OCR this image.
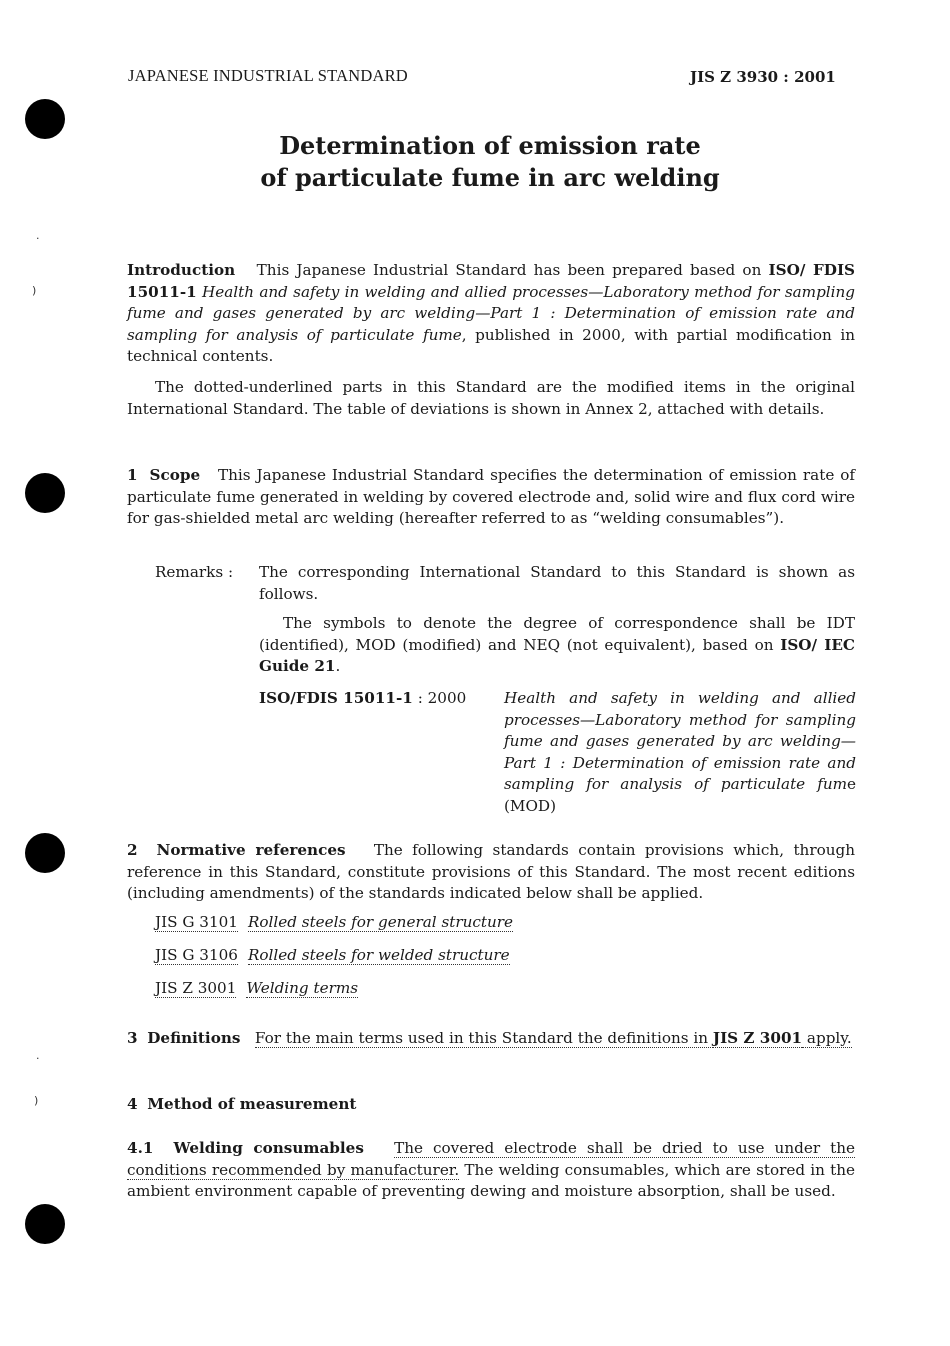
·
)
·
)
JAPANESE INDUSTRIAL STANDARD	JIS Z 3930 : 2001
Determination of emission rate
of particulate fume in arc welding
Introduction This Japanese Industrial Standard has been prepared based on ISO/ FDIS 15011-1 Health and safety in welding and allied processes—Laboratory method for sampling fume and gases generated by arc welding—Part 1 : Determination of emission rate and sampling for analysis of particulate fume, published in 2000, with partial modification in technical contents.
The dotted-underlined parts in this Standard are the modified items in the original International Standard. The table of deviations is shown in Annex 2, attached with details.
1 Scope This Japanese Industrial Standard specifies the determination of emission rate of particulate fume generated in welding by covered electrode and, solid wire and flux cord wire for gas-shielded metal arc welding (hereafter referred to as “welding consumables”).
Remarks : The corresponding International Standard to this Standard is shown as follows.
The symbols to denote the degree of correspondence shall be IDT (identified), MOD (modified) and NEQ (not equivalent), based on ISO/ IEC Guide 21.
ISO/FDIS 15011-1 : 2000 Health and safety in welding and allied processes—Laboratory method for sampling fume and gases generated by arc welding—Part 1 : Determination of emission rate and sampling for analysis of particulate fume (MOD)
2 Normative references The following standards contain provisions which, through reference in this Standard, constitute provisions of this Standard. The most recent editions (including amendments) of the standards indicated below shall be applied.
JIS G 3101 Rolled steels for general structure
JIS G 3106 Rolled steels for welded structure
JIS Z 3001 Welding terms
3 Definitions For the main terms used in this Standard the definitions in JIS Z 3001 apply.
4 Method of measurement
4.1 Welding consumables The covered electrode shall be dried to use under the conditions recommended by manufacturer. The welding consumables, which are stored in the ambient environment capable of preventing dewing and moisture absorption, shall be used.
